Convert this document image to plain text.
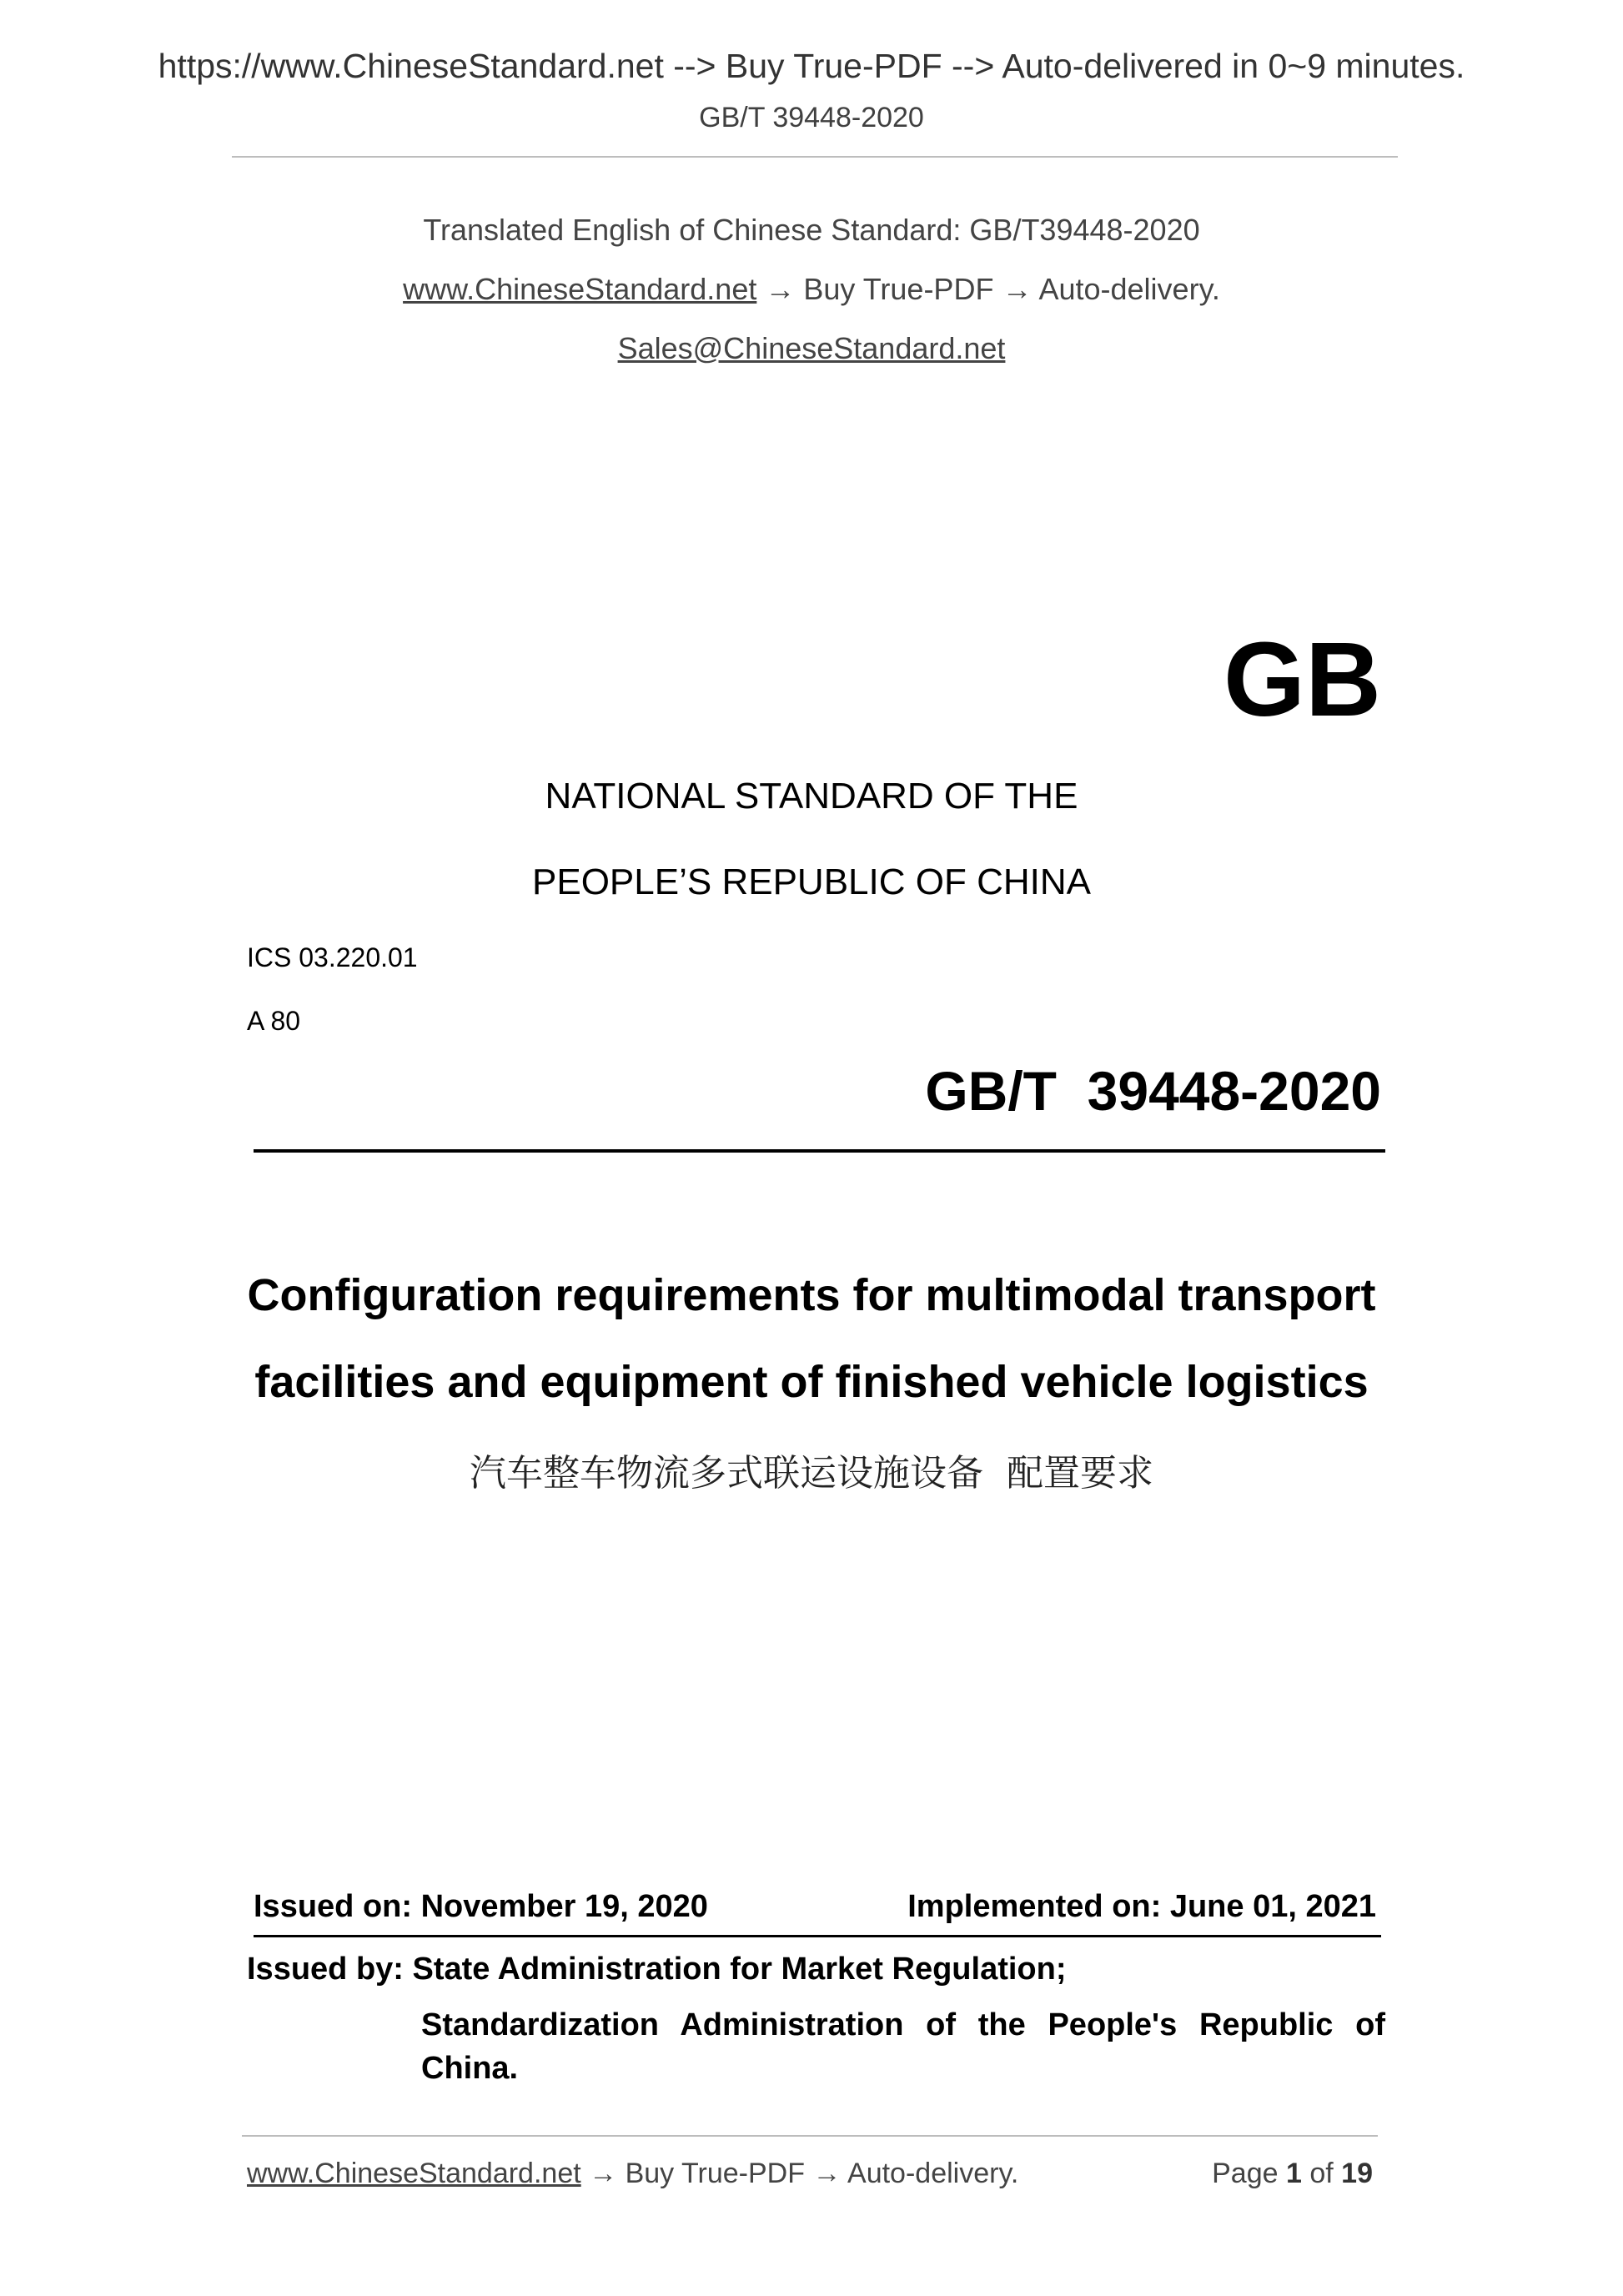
https://www.ChineseStandard.net --> Buy True-PDF --> Auto-delivered in 0~9 minutes.
GB/T 39448-2020
Translated English of Chinese Standard: GB/T39448-2020
www.ChineseStandard.net → Buy True-PDF → Auto-delivery.
Sales@ChineseStandard.net
GB
NATIONAL STANDARD OF THE
PEOPLE’S REPUBLIC OF CHINA
ICS 03.220.01
A 80
GB/T  39448-2020
Configuration requirements for multimodal transport
facilities and equipment of finished vehicle logistics
汽车整车物流多式联运设施设备  配置要求
Issued on: November 19, 2020	Implemented on: June 01, 2021
Issued by: State Administration for Market Regulation;
Standardization Administration of the People's Republic of China.
www.ChineseStandard.net → Buy True-PDF → Auto-delivery.	Page 1 of 19
